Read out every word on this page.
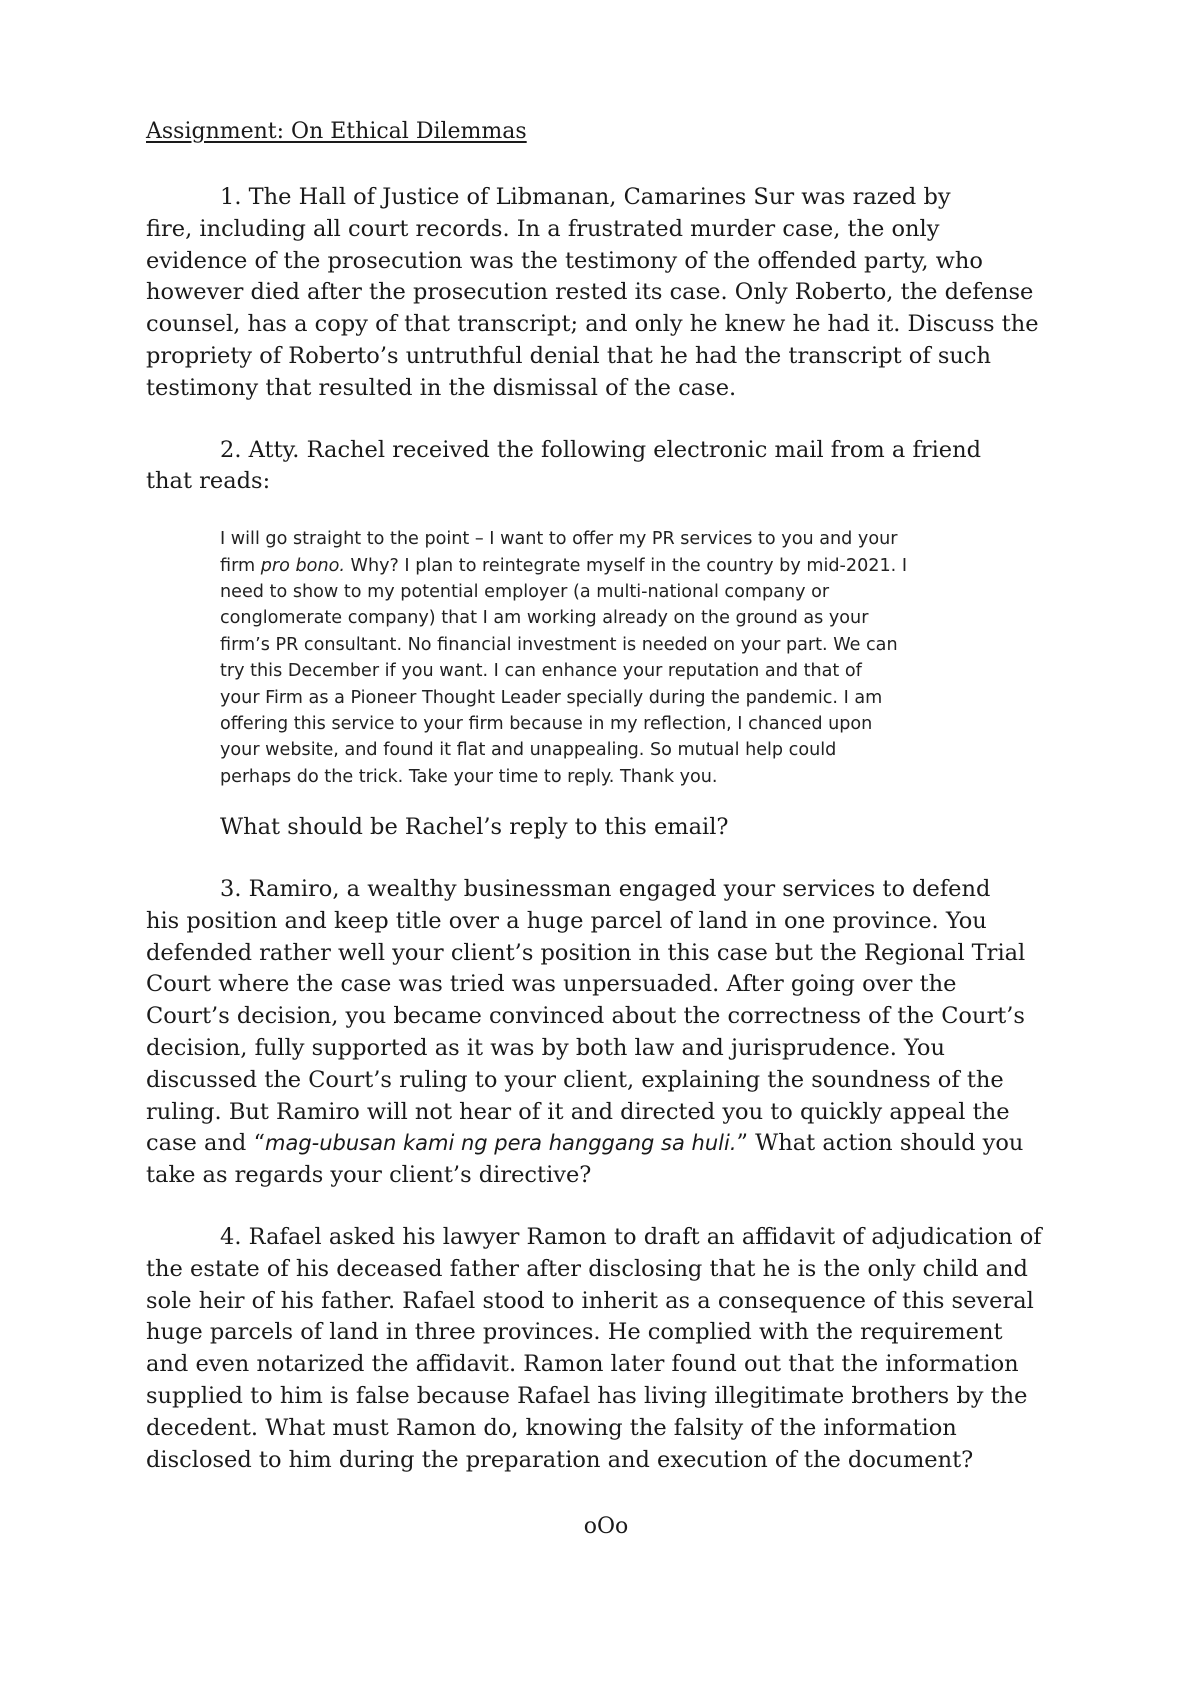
Assignment: On Ethical Dilemmas

1. The Hall of Justice of Libmanan, Camarines Sur was razed by
fire, including all court records. In a frustrated murder case, the only
evidence of the prosecution was the testimony of the offended party, who
however died after the prosecution rested its case. Only Roberto, the defense
counsel, has a copy of that transcript; and only he knew he had it. Discuss the
propriety of Roberto’s untruthful denial that he had the transcript of such
testimony that resulted in the dismissal of the case.

2. Atty. Rachel received the following electronic mail from a friend
that reads:

I will go straight to the point – I want to offer my PR services to you and your
firm pro bono. Why? I plan to reintegrate myself in the country by mid-2021. I
need to show to my potential employer (a multi-national company or
conglomerate company) that I am working already on the ground as your
firm’s PR consultant. No financial investment is needed on your part. We can
try this December if you want. I can enhance your reputation and that of
your Firm as a Pioneer Thought Leader specially during the pandemic. I am
offering this service to your firm because in my reflection, I chanced upon
your website, and found it flat and unappealing. So mutual help could
perhaps do the trick. Take your time to reply. Thank you.
What should be Rachel’s reply to this email?

3. Ramiro, a wealthy businessman engaged your services to defend
his position and keep title over a huge parcel of land in one province. You
defended rather well your client’s position in this case but the Regional Trial
Court where the case was tried was unpersuaded. After going over the
Court’s decision, you became convinced about the correctness of the Court’s
decision, fully supported as it was by both law and jurisprudence. You
discussed the Court’s ruling to your client, explaining the soundness of the
ruling. But Ramiro will not hear of it and directed you to quickly appeal the
case and “mag-ubusan kami ng pera hanggang sa huli.” What action should you
take as regards your client’s directive?

4. Rafael asked his lawyer Ramon to draft an affidavit of adjudication of
the estate of his deceased father after disclosing that he is the only child and
sole heir of his father. Rafael stood to inherit as a consequence of this several
huge parcels of land in three provinces. He complied with the requirement
and even notarized the affidavit. Ramon later found out that the information
supplied to him is false because Rafael has living illegitimate brothers by the
decedent. What must Ramon do, knowing the falsity of the information
disclosed to him during the preparation and execution of the document?

oOo
